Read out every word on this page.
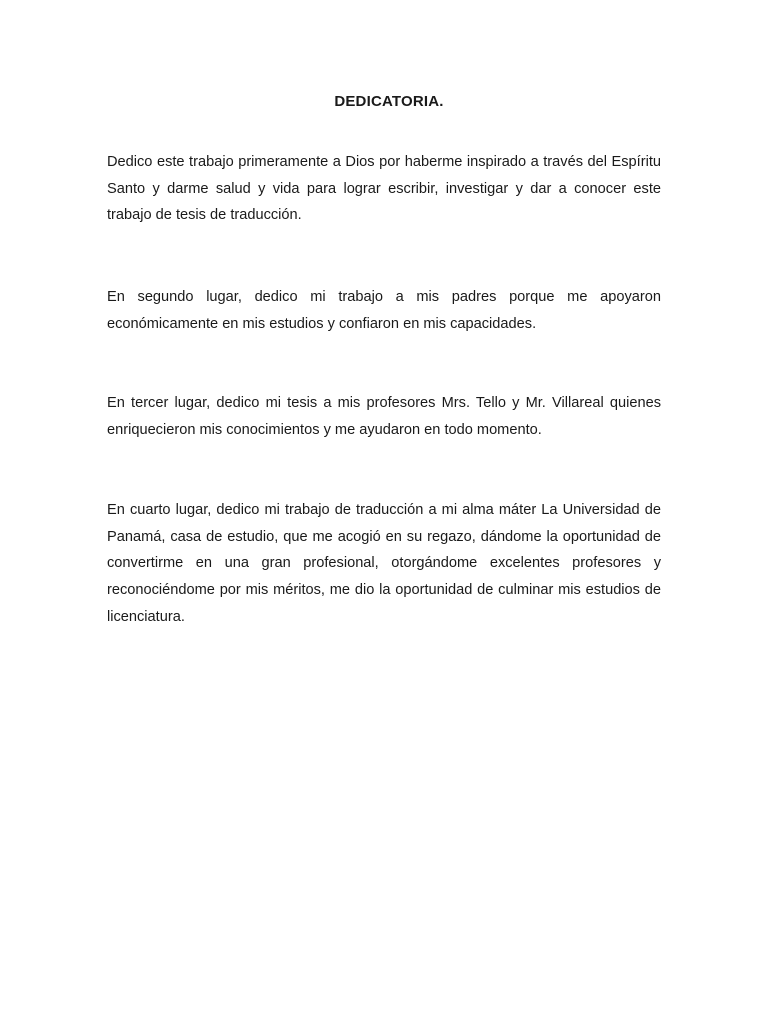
DEDICATORIA.

Dedico este trabajo primeramente a Dios por haberme inspirado a través del Espíritu Santo y darme salud y vida para lograr escribir, investigar y dar a conocer este trabajo de tesis de traducción.

En segundo lugar, dedico mi trabajo a mis padres porque me apoyaron económicamente en mis estudios y confiaron en mis capacidades.

En tercer lugar, dedico mi tesis a mis profesores Mrs. Tello y Mr. Villareal quienes enriquecieron mis conocimientos y me ayudaron en todo momento.

En cuarto lugar, dedico mi trabajo de traducción a mi alma máter La Universidad de Panamá, casa de estudio, que me acogió en su regazo, dándome la oportunidad de convertirme en una gran profesional, otorgándome excelentes profesores y reconociéndome por mis méritos, me dio la oportunidad de culminar mis estudios de licenciatura.
